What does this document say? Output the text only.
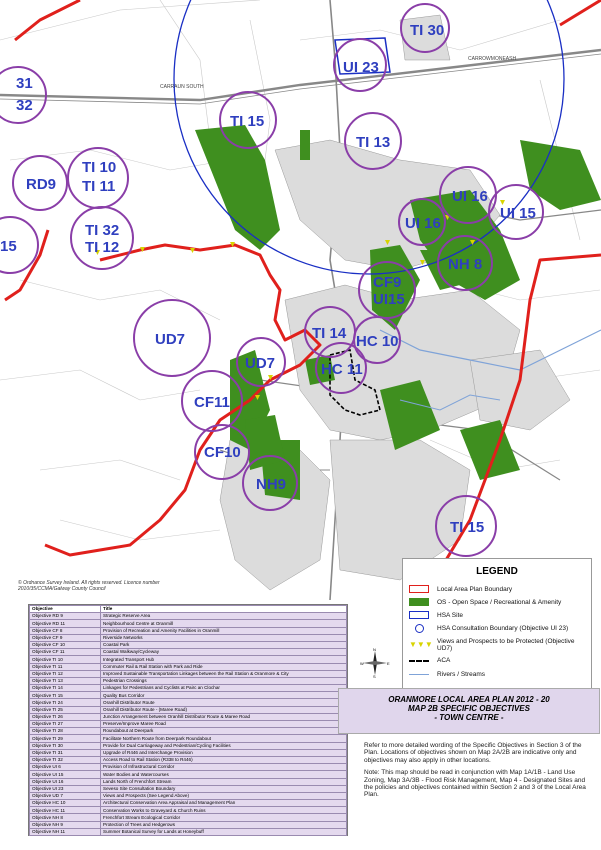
CARRAUN SOUTH
CARROWMONEASH
TI 30
UI 23
31
32
TI 15
TI 13
TI 10
TI 11
RD9
UI 16
UI 16
UI 15
TI 32
TI 12
15
NH 8
CF9
UI15
TI 14 HC 10
UD7
UD7	HC 11
CF11
CF10
NH9
TI 15
© Ordnance Survey Ireland. All rights reserved. Licence number 2010/35/CCMA/Galway County Council
LEGEND
Local Area Plan Boundary
OS - Open Space / Recreational & Amenity
HSA Site
HSA Consultation Boundary (Objective UI 23)
▼▼▼ Views and Prospects to be Protected (Objective UD7)
ACA
Rivers / Streams
N
S
W	E
Objective	Title
Objective RD 9	Strategic Reserve Area
Objective RD 11	Neighbourhood Centre at Oranmill
Objective CF 8	Provision of Recreation and Amenity Facilities in Oranmill
Objective CF 9	Riverside Networks
Objective CF 10	Coastal Park
Objective CF 11	Coastal Walkway/Cycleway
Objective TI 10	Integrated Transport Hub
Objective TI 11	Commuter Rail & Rail Station with Park and Ride
Objective TI 12	Improved Sustainable Transportation Linkages between the Rail Station & Oranmore & City
Objective TI 13	Pedestrian Crossings
Objective TI 14	Linkages for Pedestrians and Cyclists at Pairc an Clochar
Objective TI 15	Quality Bus Corridor
Objective TI 24	Oranhill Distributor Route
Objective TI 25	Oranhill Distributor Route - (Maree Road)
Objective TI 26	Junction Arrangement between Oranhill Distributor Route & Maree Road
Objective TI 27	Preserve/Improve Maree Road
Objective TI 28	Roundabout at Deerpark
Objective TI 29	Facilitate Northern Route from Deerpark Roundabout
Objective TI 30	Provide for Dual Carriageway and Pedestrian/Cycling Facilities
Objective TI 31	Upgrade of R446 and Interchange Provision
Objective TI 32	Access Road to Rail Station (R338 to R446)
Objective UI 6	Provision of Infrastructural Corridor
Objective UI 15	Water Bodies and Watercourses
Objective UI 16	Lands North of Frenchfort Stream
Objective UI 23	Seveso Site Consultation Boundary
Objective UD 7	Views and Prospects (See Legend Above)
Objective HC 10	Architectural Conservation Area Appraisal and Management Plan
Objective HC 11	Conservation Works to Graveyard & Church Ruins
Objective NH 8	Frenchfort Stream Ecological Corridor
Objective NH 9	Protection of Trees and Hedgerows
Objective NH 11	Summer Botanical Survey for Lands at Honeybuff
ORANMORE LOCAL AREA PLAN 2012 - 20
MAP 2B SPECIFIC OBJECTIVES
- TOWN CENTRE -

Refer to more detailed wording of the Specific Objectives in Section 3 of the Plan. Locations of objectives shown on Map 2A/2B are indicative only and objectives may also apply in other locations.

Note: This map should be read in conjunction with Map 1A/1B - Land Use Zoning, Map 3A/3B - Flood Risk Management, Map 4 - Designated Sites and the policies and objectives contained within Section 2 and 3 of the Local Area Plan.
